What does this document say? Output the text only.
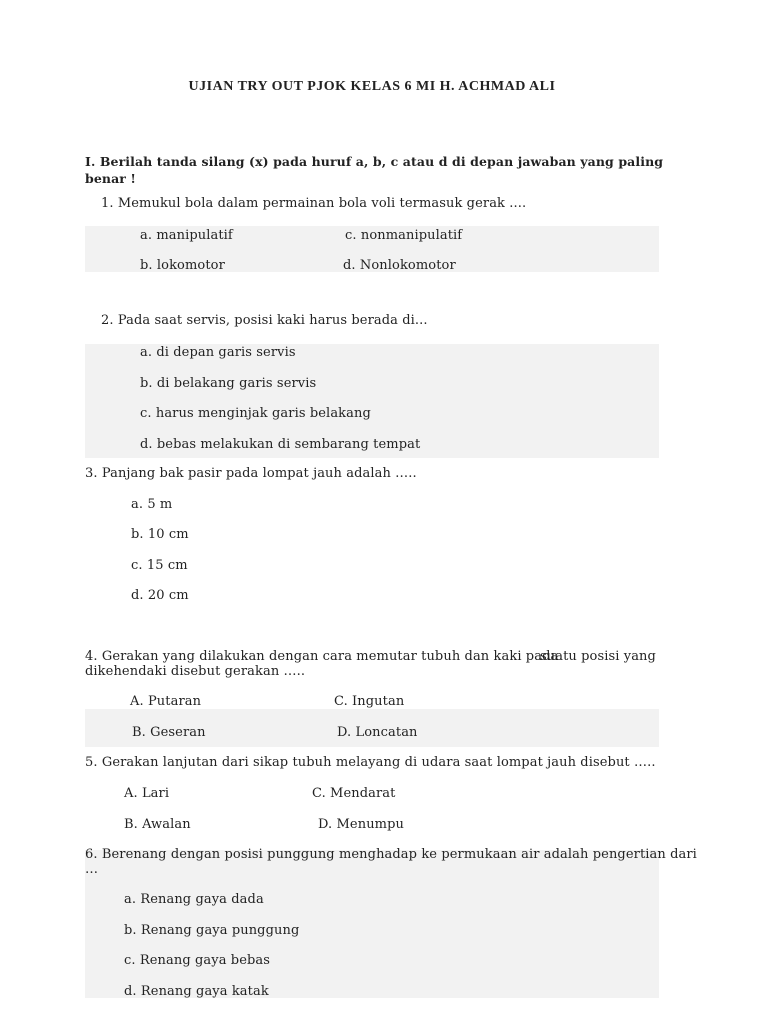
UJIAN TRY OUT PJOK KELAS 6 MI H. ACHMAD ALI
I. Berilah tanda silang (x) pada huruf a, b, c atau d di depan jawaban yang paling
benar !
1. Memukul bola dalam permainan bola voli termasuk gerak ....
a. manipulatif	c. nonmanipulatif
b. lokomotor	d. Nonlokomotor
2. Pada saat servis, posisi kaki harus berada di...
a. di depan garis servis
b. di belakang garis servis
c. harus menginjak garis belakang
d. bebas melakukan di sembarang tempat
3. Panjang bak pasir pada lompat jauh adalah …..
a. 5 m
b. 10 cm
c. 15 cm
d. 20 cm
4. Gerakan yang dilakukan dengan cara memutar tubuh dan kaki pada
suatu posisi yang
dikehendaki disebut gerakan …..
A. Putaran	C. Ingutan
B. Geseran	D. Loncatan
5. Gerakan lanjutan dari sikap tubuh melayang di udara saat lompat jauh disebut …..
A. Lari	C. Mendarat
B. Awalan	D. Menumpu
6. Berenang dengan posisi punggung menghadap ke permukaan air adalah pengertian dari
…
a. Renang gaya dada
b. Renang gaya punggung
c. Renang gaya bebas
d. Renang gaya katak
